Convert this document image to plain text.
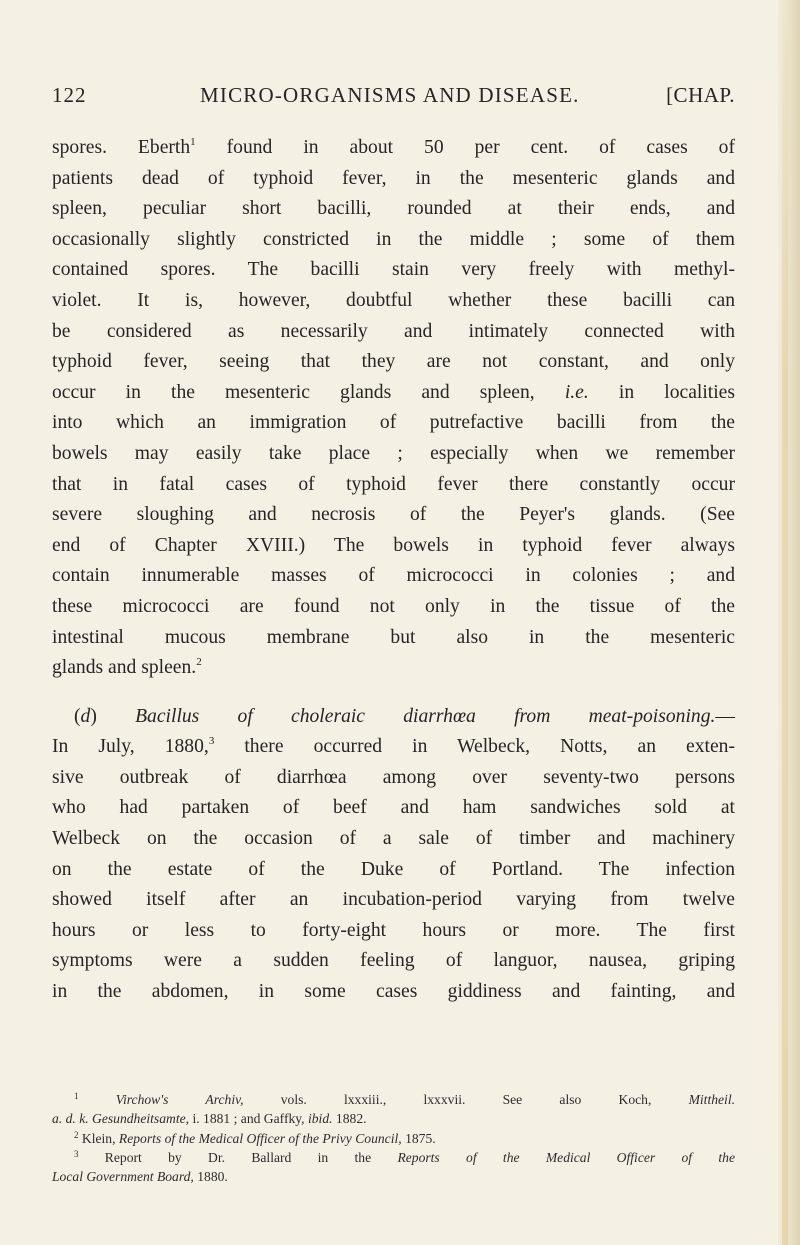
122	MICRO-ORGANISMS AND DISEASE.	[CHAP.
spores. Eberth$^1$ found in about 50 per cent. of cases of
patients dead of typhoid fever, in the mesenteric glands and
spleen, peculiar short bacilli, rounded at their ends, and
occasionally slightly constricted in the middle ; some of them
contained spores. The bacilli stain very freely with methyl-
violet. It is, however, doubtful whether these bacilli can
be considered as necessarily and intimately connected with
typhoid fever, seeing that they are not constant, and only
occur in the mesenteric glands and spleen, i.e. in localities
into which an immigration of putrefactive bacilli from the
bowels may easily take place ; especially when we remember
that in fatal cases of typhoid fever there constantly occur
severe sloughing and necrosis of the Peyer's glands. (See
end of Chapter XVIII.) The bowels in typhoid fever always
contain innumerable masses of micrococci in colonies ; and
these micrococci are found not only in the tissue of the
intestinal mucous membrane but also in the mesenteric
glands and spleen.$^2$
(d) Bacillus of choleraic diarrhœa from meat-poisoning.—
In July, 1880,$^3$ there occurred in Welbeck, Notts, an exten-
sive outbreak of diarrhœa among over seventy-two persons
who had partaken of beef and ham sandwiches sold at
Welbeck on the occasion of a sale of timber and machinery
on the estate of the Duke of Portland. The infection
showed itself after an incubation-period varying from twelve
hours or less to forty-eight hours or more. The first
symptoms were a sudden feeling of languor, nausea, griping
in the abdomen, in some cases giddiness and fainting, and
$^1$	Virchow's Archiv, vols. lxxxiii., lxxxvii. See also Koch, Mittheil.
a. d. k. Gesundheitsamte, i. 1881 ; and Gaffky, ibid. 1882.
$^2$ Klein, Reports of the Medical Officer of the Privy Council, 1875.
$^3$ Report by Dr. Ballard in the Reports of the Medical Officer of the
Local Government Board, 1880.
